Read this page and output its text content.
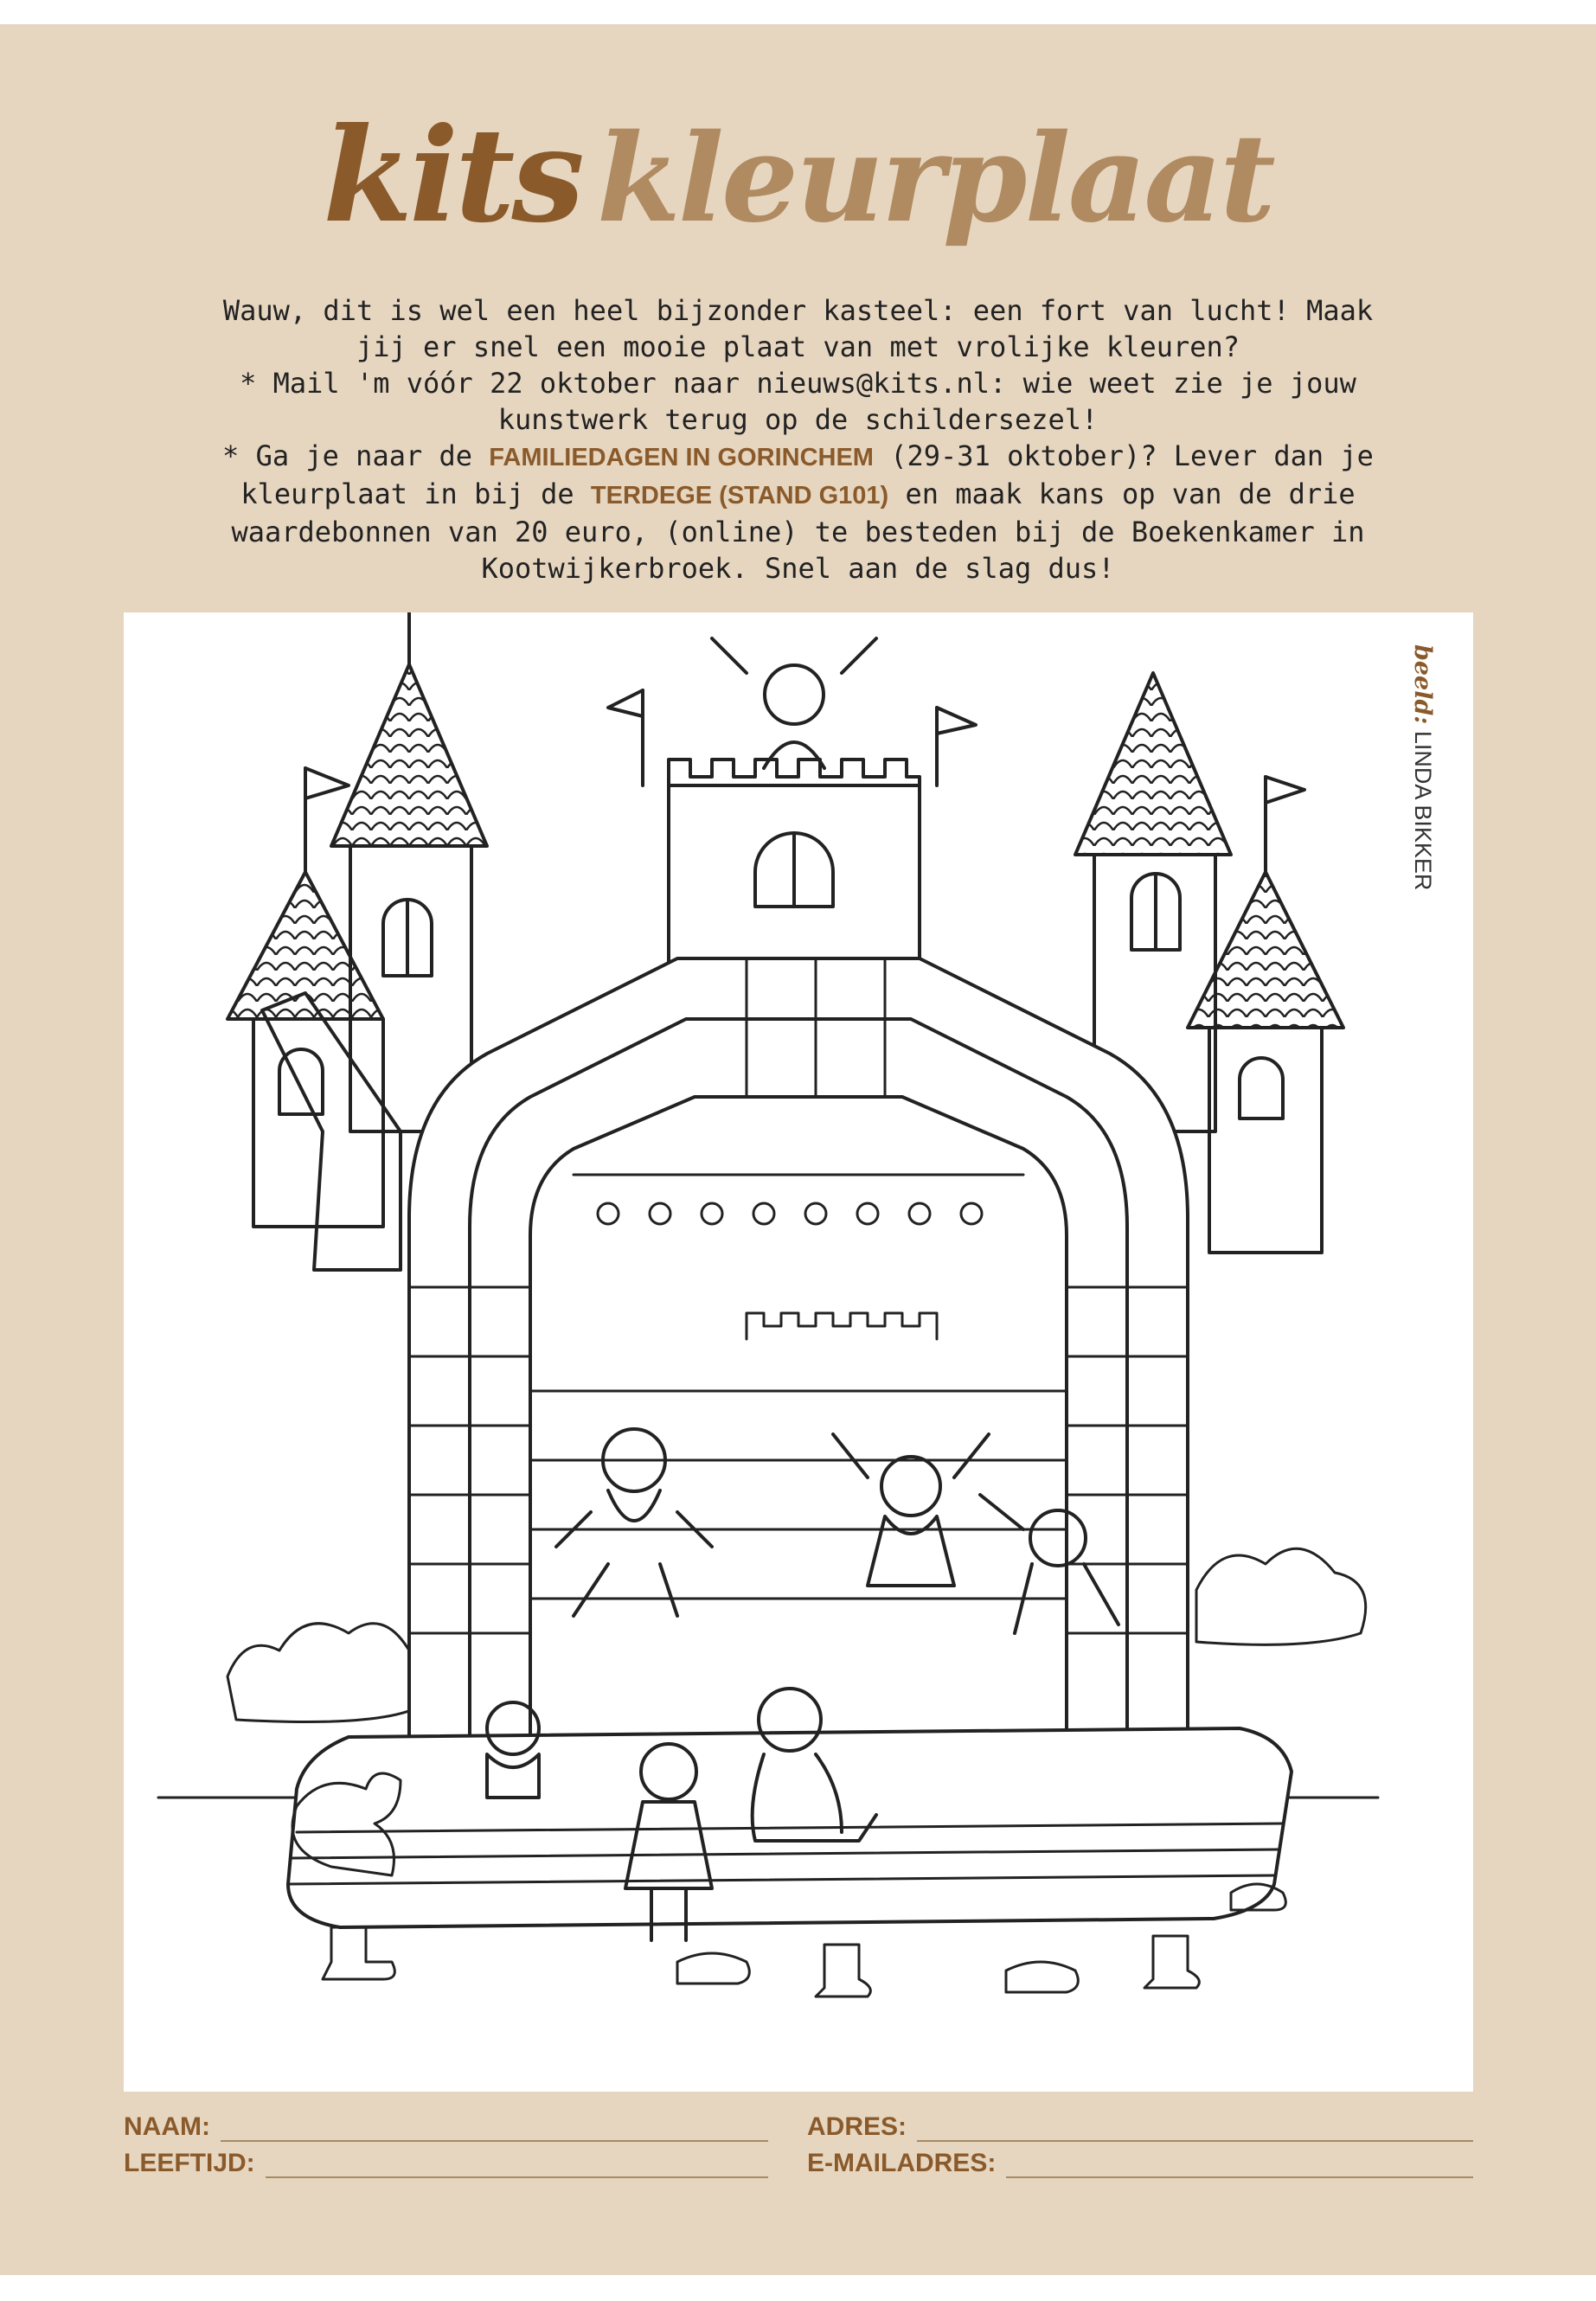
kits kleurplaat

Wauw, dit is wel een heel bijzonder kasteel: een fort van lucht! Maak jij er snel een mooie plaat van met vrolijke kleuren?

* Mail 'm vóór 22 oktober naar nieuws@kits.nl: wie weet zie je jouw kunstwerk terug op de schildersezel!

* Ga je naar de FAMILIEDAGEN IN GORINCHEM (29-31 oktober)? Lever dan je kleurplaat in bij de TERDEGE (STAND G101) en maak kans op van de drie waardebonnen van 20 euro, (online) te besteden bij de Boekenkamer in Kootwijkerbroek. Snel aan de slag dus!

beeld: LINDA BIKKER
NAAM:	ADRES:
LEEFTIJD:	E-MAILADRES:
